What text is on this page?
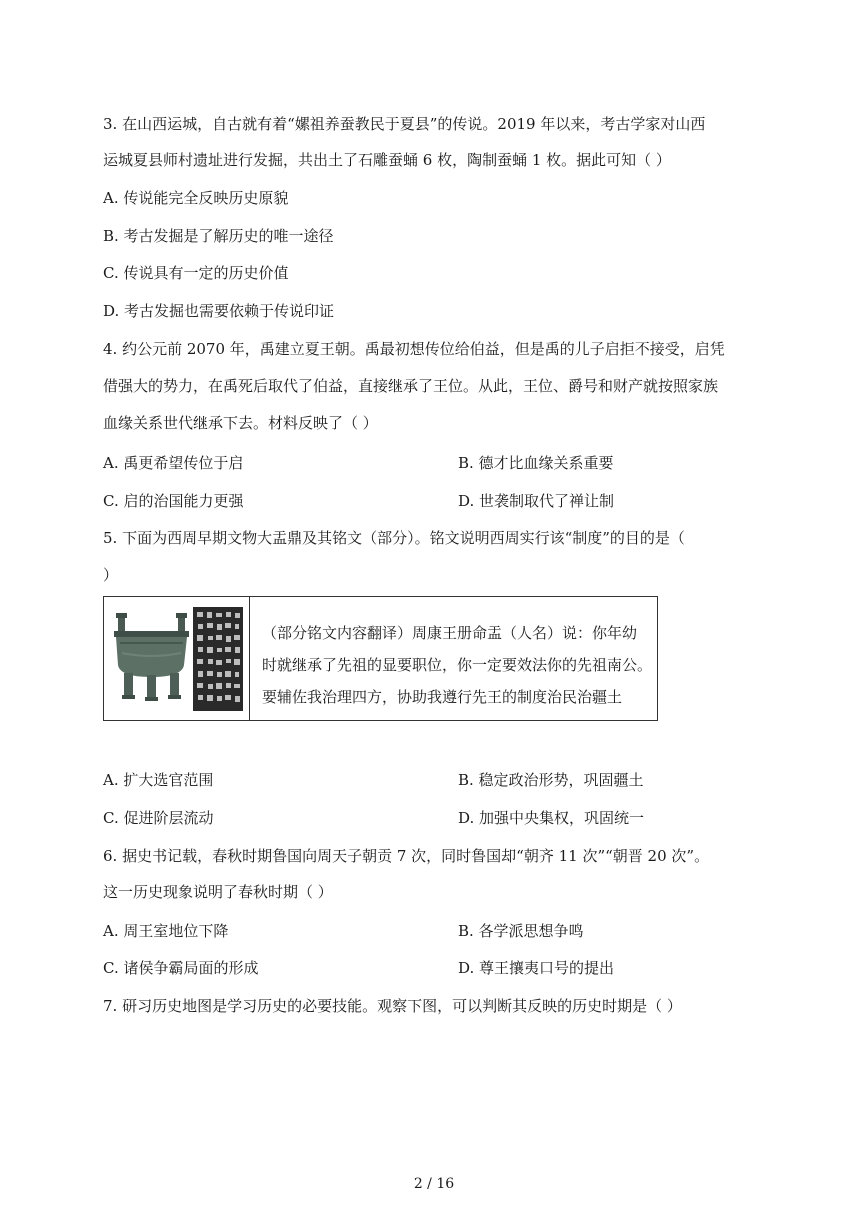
3. 在山西运城，自古就有着“嫘祖养蚕教民于夏县”的传说。2019 年以来，考古学家对山西
运城夏县师村遗址进行发掘，共出土了石雕蚕蛹 6 枚，陶制蚕蛹 1 枚。据此可知（ ）
A. 传说能完全反映历史原貌
B. 考古发掘是了解历史的唯一途径
C. 传说具有一定的历史价值
D. 考古发掘也需要依赖于传说印证
4. 约公元前 2070 年，禹建立夏王朝。禹最初想传位给伯益，但是禹的儿子启拒不接受，启凭
借强大的势力，在禹死后取代了伯益，直接继承了王位。从此，王位、爵号和财产就按照家族
血缘关系世代继承下去。材料反映了（ ）
A. 禹更希望传位于启	B. 德才比血缘关系重要
C. 启的治国能力更强	D. 世袭制取代了禅让制
5. 下面为西周早期文物大盂鼎及其铭文（部分）。铭文说明西周实行该“制度”的目的是（
）
（部分铭文内容翻译）周康王册命盂（人名）说：你年幼
时就继承了先祖的显要职位，你一定要效法你的先祖南公。
要辅佐我治理四方，协助我遵行先王的制度治民治疆土
A. 扩大选官范围	B. 稳定政治形势，巩固疆土
C. 促进阶层流动	D. 加强中央集权，巩固统一
6. 据史书记载，春秋时期鲁国向周天子朝贡 7 次，同时鲁国却“朝齐 11 次”“朝晋 20 次”。
这一历史现象说明了春秋时期（ ）
A. 周王室地位下降	B. 各学派思想争鸣
C. 诸侯争霸局面的形成	D. 尊王攘夷口号的提出
7. 研习历史地图是学习历史的必要技能。观察下图，可以判断其反映的历史时期是（ ）
2 / 16
